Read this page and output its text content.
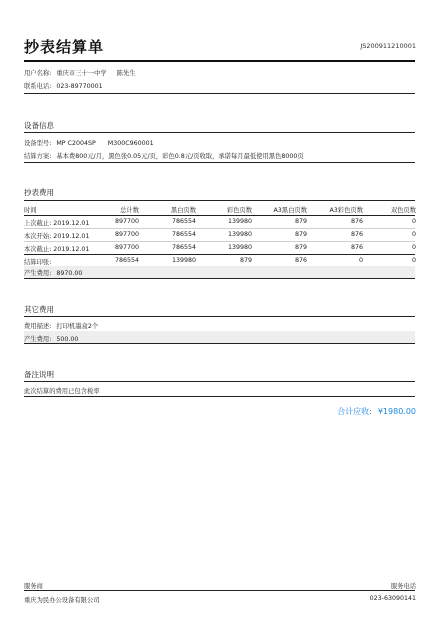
抄表结算单	JS200911210001
用户名称: 重庆市三十一中学 陈先生
联系电话: 023-89770001
设备信息
设备型号: MP C2004SP M300C960001
结算方案: 基本费800元/月，黑色张0.05元/页，彩色0.8元/页收取，承诺每月最低使用黑色8000页
抄表费用
时间	总计数	黑白页数	彩色页数	A3黑白页数	A3彩色页数	双色页数
上次截止: 2019.12.01	897700	786554	139980	879	876	0
本次开始: 2019.12.01	897700	786554	139980	879	876	0
本次截止: 2019.12.01	897700	786554	139980	879	876	0
结算印张:	786554	139980	879	876	0	0
产生费用: 8970.00
其它费用
费用描述: 打印机墨盒2个
产生费用: 500.00
备注说明
此次结算的费用已包含税率
合计应收: ¥1980.00
服务商	服务电话
重庆为民办公设备有限公司	023-63090141
